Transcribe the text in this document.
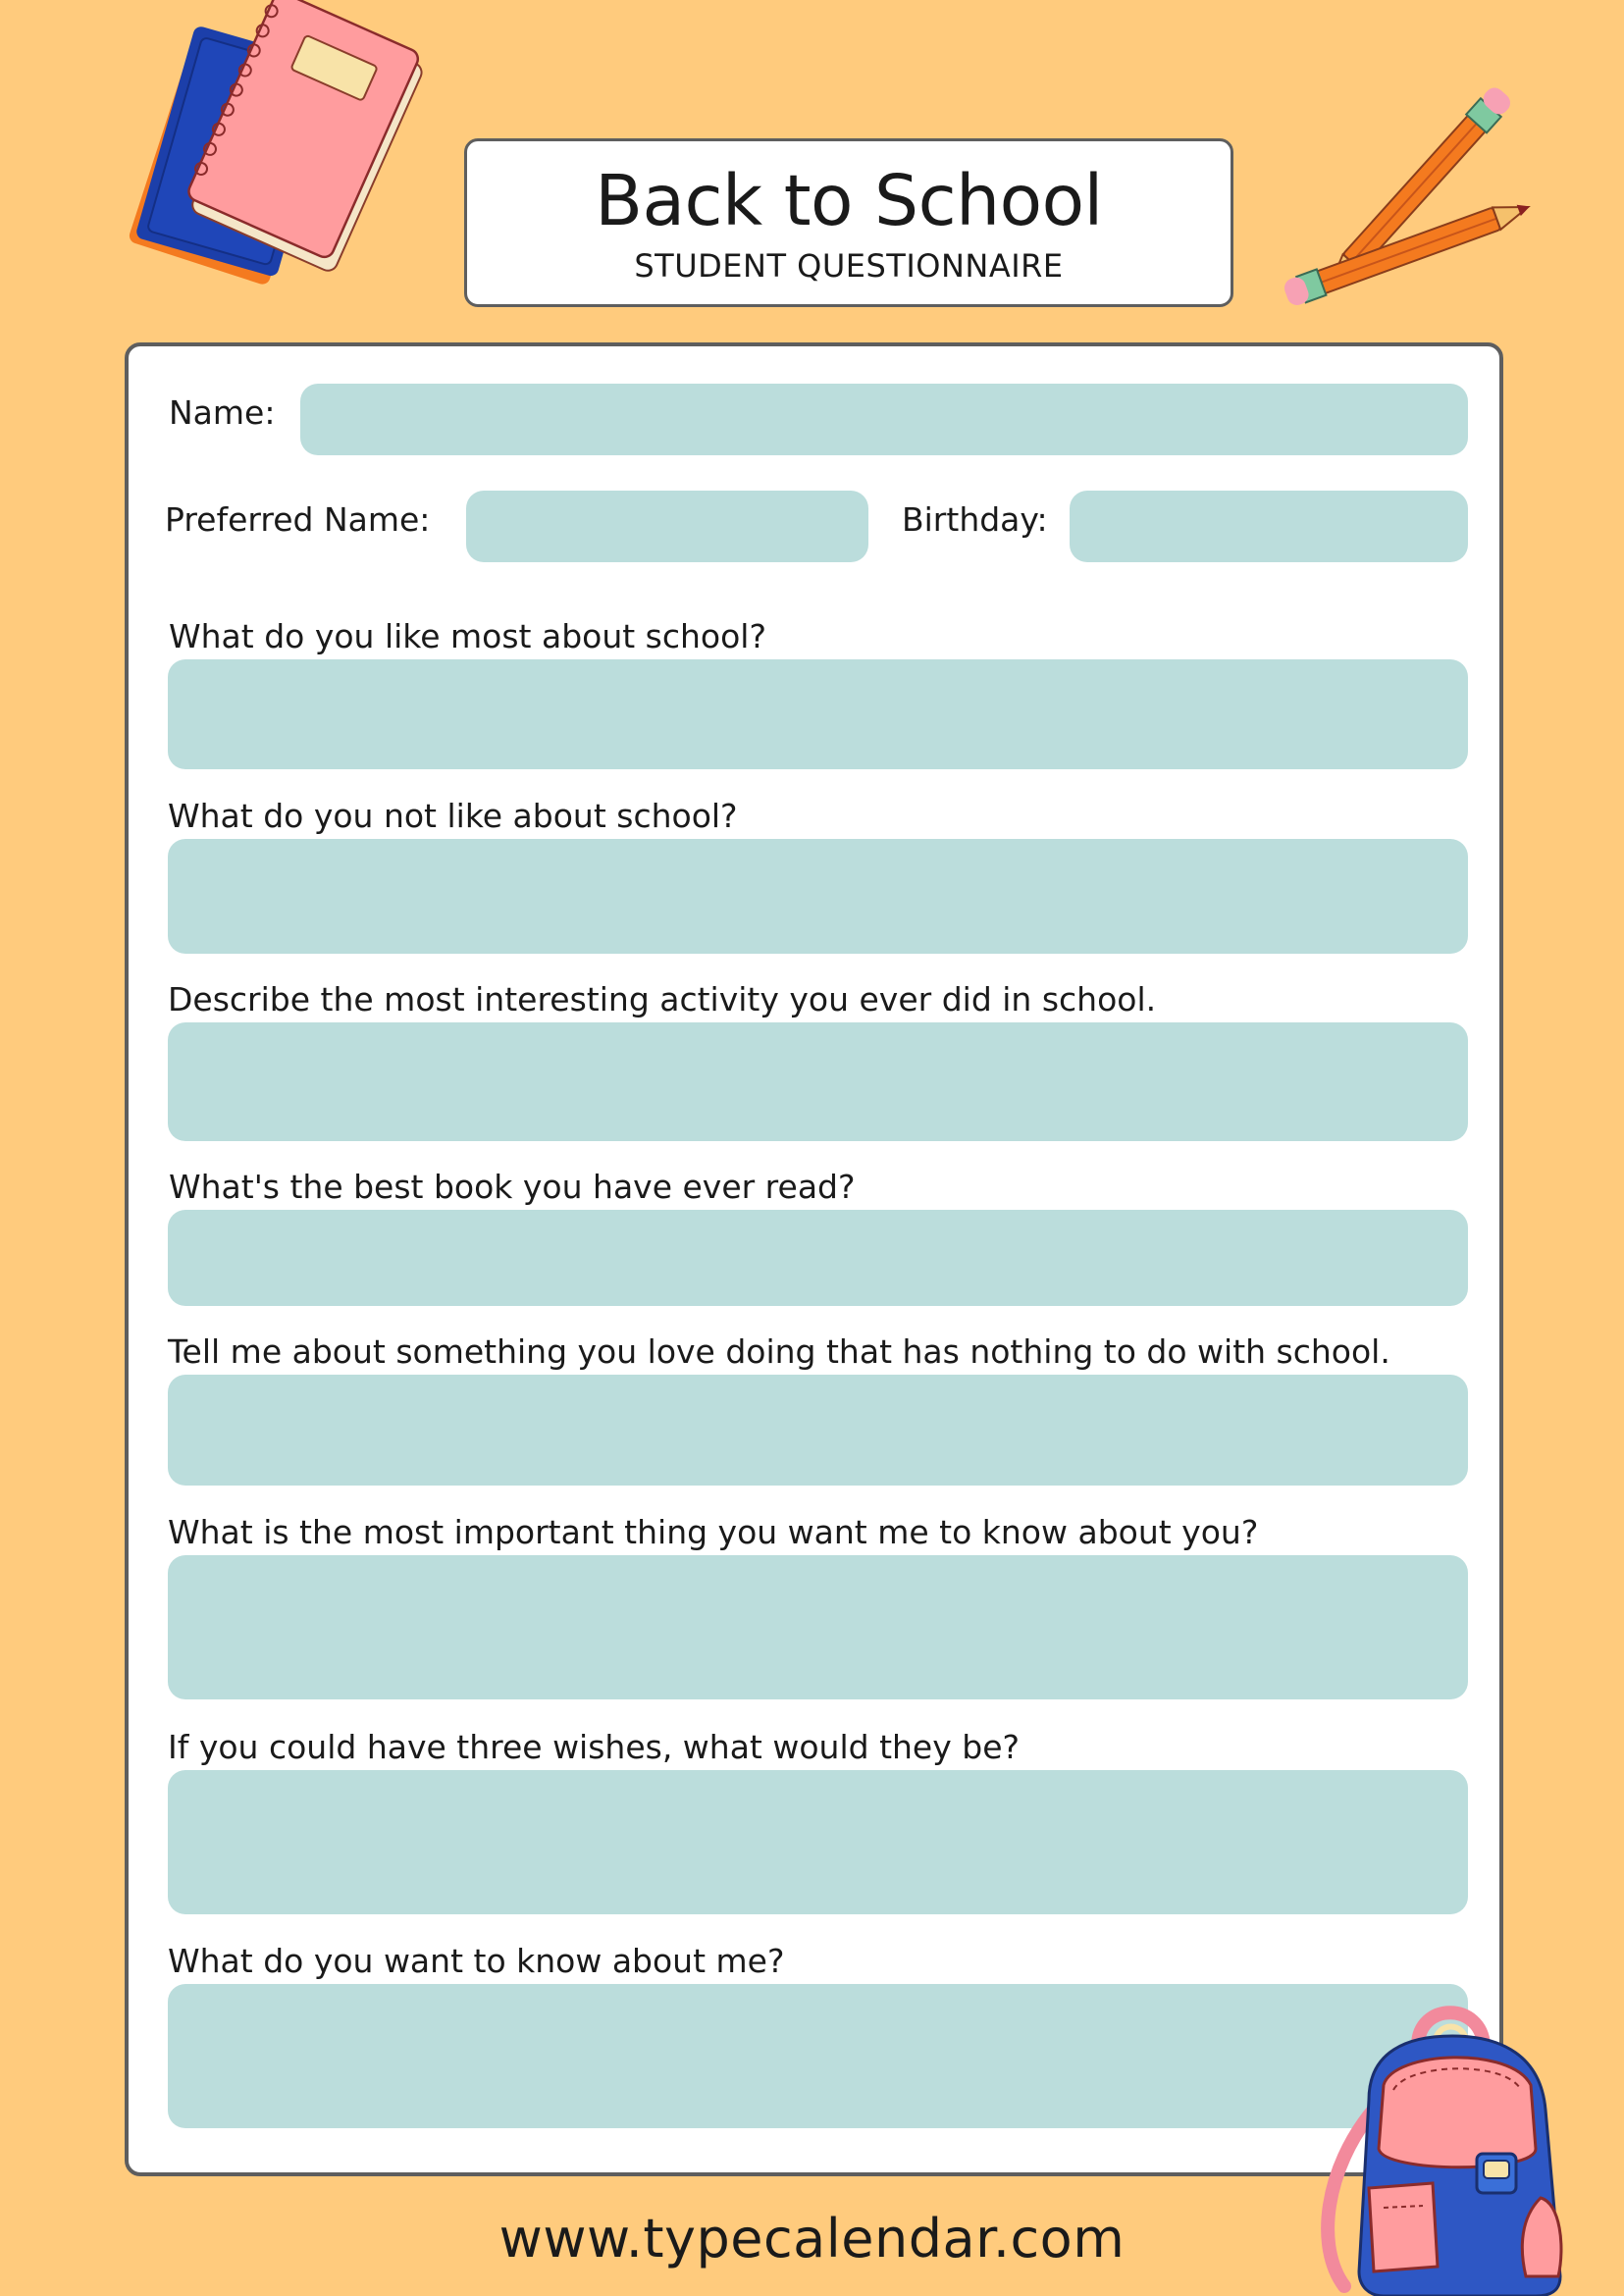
Back to School
STUDENT QUESTIONNAIRE
Name:
Preferred Name:	Birthday:
What do you like most about school?
What do you not like about school?
Describe the most interesting activity you ever did in school.
What's the best book you have ever read?
Tell me about something you love doing that has nothing to do with school.
What is the most important thing you want me to know about you?
If you could have three wishes, what would they be?
What do you want to know about me?
www.typecalendar.com
